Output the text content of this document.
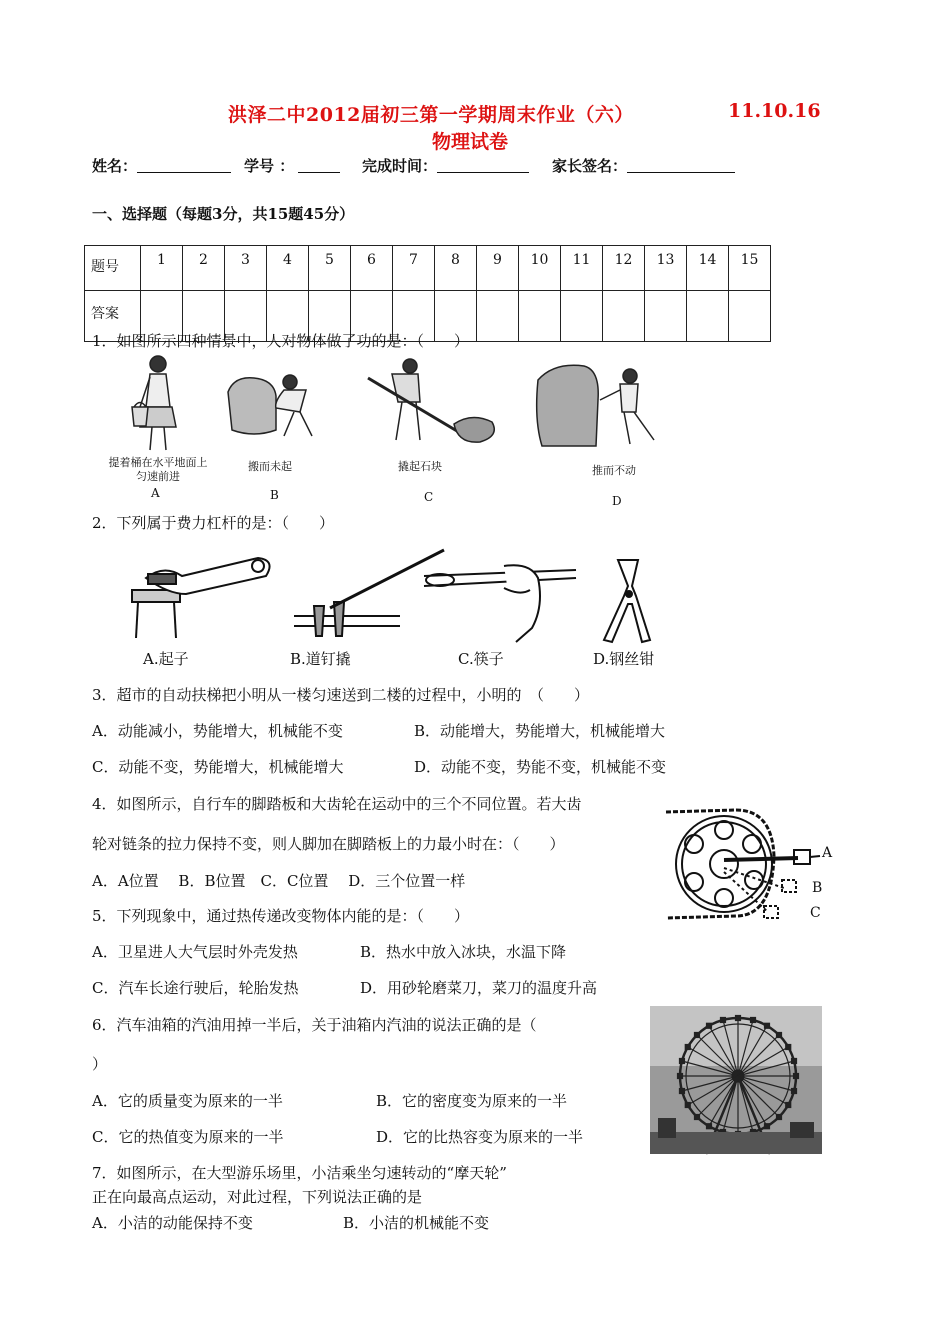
洪泽二中2012届初三第一学期周末作业（六）	11.10.16
物理试卷
姓名：	学号 ：	完成时间：	家长签名：
一、选择题（每题3分，共15题45分）
题号	1	2	3	4	5	6	7	8	9	10	11	12	13	14	15
答案															
1．如图所示四种情景中，人对物体做了功的是：（　　）
提着桶在水平地面上匀速前进
A
搬而未起
B
撬起石块
C
推而不动
D
2．下列属于费力杠杆的是：（　　）
A.起子	B.道钉撬	C.筷子	D.钢丝钳
3．超市的自动扶梯把小明从一楼匀速送到二楼的过程中，小明的　（　　）
A．动能减小，势能增大，机械能不变	B．动能增大，势能增大，机械能增大
C．动能不变，势能增大，机械能增大	D．动能不变，势能不变，机械能不变
4．如图所示，自行车的脚踏板和大齿轮在运动中的三个不同位置。若大齿
轮对链条的拉力保持不变，则人脚加在脚踏板上的力最小时在：（　　）
A．A位置　 B．B位置　C．C位置　 D．三个位置一样
A
B
C
5．下列现象中，通过热传递改变物体内能的是：（　　）
A．卫星进人大气层时外壳发热	B．热水中放入冰块，水温下降
C．汽车长途行驶后，轮胎发热	D．用砂轮磨菜刀，菜刀的温度升高
6．汽车油箱的汽油用掉一半后，关于油箱内汽油的说法正确的是（
）
A．它的质量变为原来的一半	B．它的密度变为原来的一半
C．它的热值变为原来的一半	D．它的比热容变为原来的一半
7．如图所示，在大型游乐场里，小洁乘坐匀速转动的“摩天轮”
正在向最高点运动，对此过程，下列说法正确的是
A．小洁的动能保持不变	B．小洁的机械能不变
